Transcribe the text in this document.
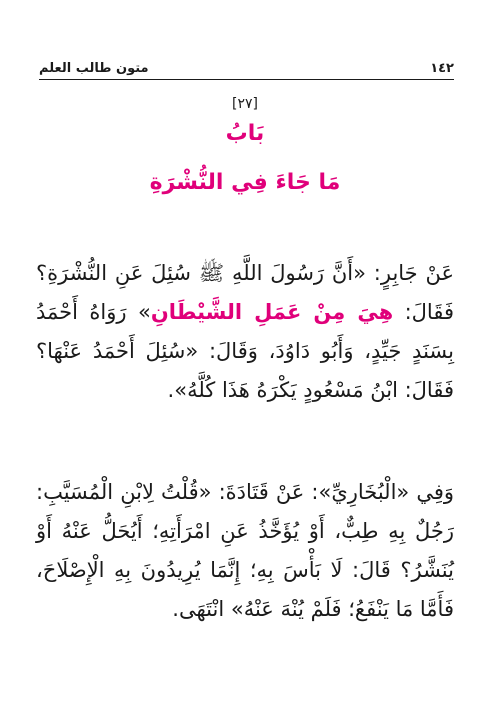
١٤٢
متون طالب العلم
[٢٧]
بَابُ
مَا جَاءَ فِي النُّشْرَةِ

عَنْ جَابِرٍ: «أَنَّ رَسُولَ اللَّهِ ﷺ سُئِلَ عَنِ النُّشْرَةِ؟ فَقَالَ: هِيَ مِنْ عَمَلِ الشَّيْطَانِ» رَوَاهُ أَحْمَدُ بِسَنَدٍ جَيِّدٍ، وَأَبُو دَاوُدَ، وَقَالَ: «سُئِلَ أَحْمَدُ عَنْهَا؟ فَقَالَ: ابْنُ مَسْعُودٍ يَكْرَهُ هَذَا كُلَّهُ».

وَفِي «الْبُخَارِيِّ»: عَنْ قَتَادَةَ: «قُلْتُ لِابْنِ الْمُسَيَّبِ: رَجُلٌ بِهِ طِبٌّ، أَوْ يُؤَخَّذُ عَنِ امْرَأَتِهِ؛ أَيُحَلُّ عَنْهُ أَوْ يُنَشَّرُ؟ قَالَ: لَا بَأْسَ بِهِ؛ إِنَّمَا يُرِيدُونَ بِهِ الْإِصْلَاحَ، فَأَمَّا مَا يَنْفَعُ؛ فَلَمْ يُنْهَ عَنْهُ» انْتَهَى.
